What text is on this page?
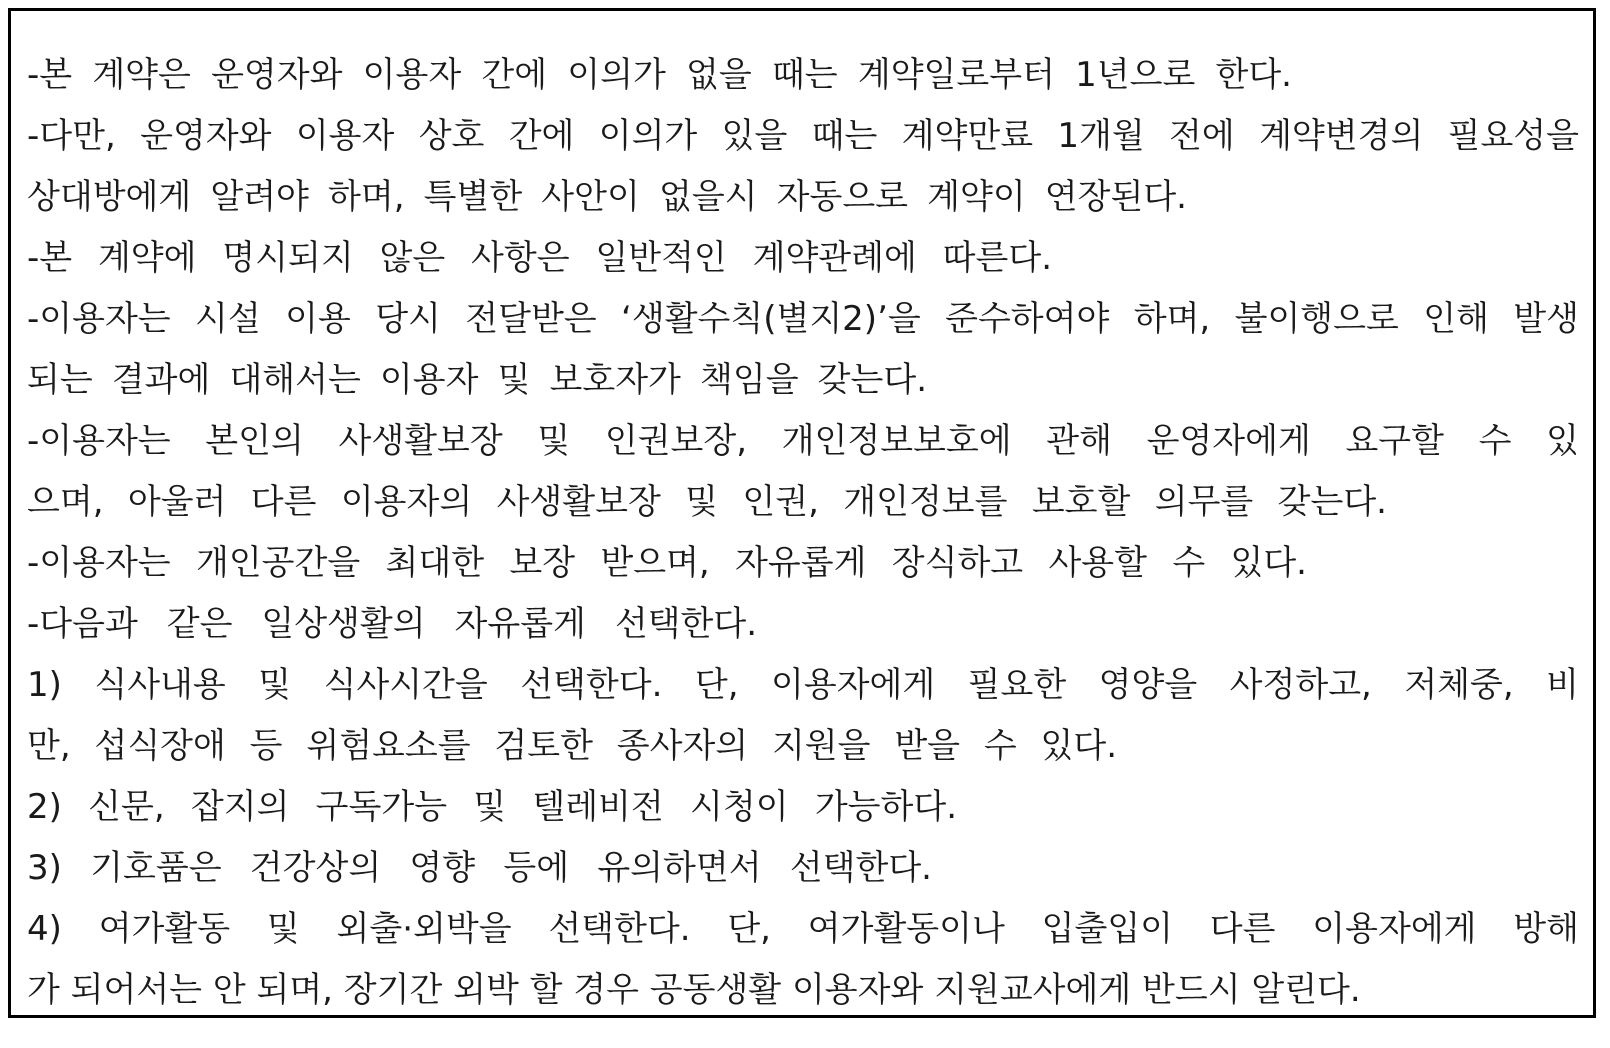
-본 계약은 운영자와 이용자 간에 이의가 없을 때는 계약일로부터 1년으로 한다.
-다만, 운영자와 이용자 상호 간에 이의가 있을 때는 계약만료 1개월 전에 계약변경의 필요성을
상대방에게 알려야 하며, 특별한 사안이 없을시 자동으로 계약이 연장된다.
-본 계약에 명시되지 않은 사항은 일반적인 계약관례에 따른다.
-이용자는 시설 이용 당시 전달받은 ‘생활수칙(별지2)’을 준수하여야 하며, 불이행으로 인해 발생
되는 결과에 대해서는 이용자 및 보호자가 책임을 갖는다.
-이용자는 본인의 사생활보장 및 인권보장, 개인정보보호에 관해 운영자에게 요구할 수 있
으며, 아울러 다른 이용자의 사생활보장 및 인권, 개인정보를 보호할 의무를 갖는다.
-이용자는 개인공간을 최대한 보장 받으며, 자유롭게 장식하고 사용할 수 있다.
-다음과 같은 일상생활의 자유롭게 선택한다.
1) 식사내용 및 식사시간을 선택한다. 단, 이용자에게 필요한 영양을 사정하고, 저체중, 비
만, 섭식장애 등 위험요소를 검토한 종사자의 지원을 받을 수 있다.
2) 신문, 잡지의 구독가능 및 텔레비전 시청이 가능하다.
3) 기호품은 건강상의 영향 등에 유의하면서 선택한다.
4) 여가활동 및 외출·외박을 선택한다. 단, 여가활동이나 입출입이 다른 이용자에게 방해
가 되어서는 안 되며, 장기간 외박 할 경우 공동생활 이용자와 지원교사에게 반드시 알린다.
